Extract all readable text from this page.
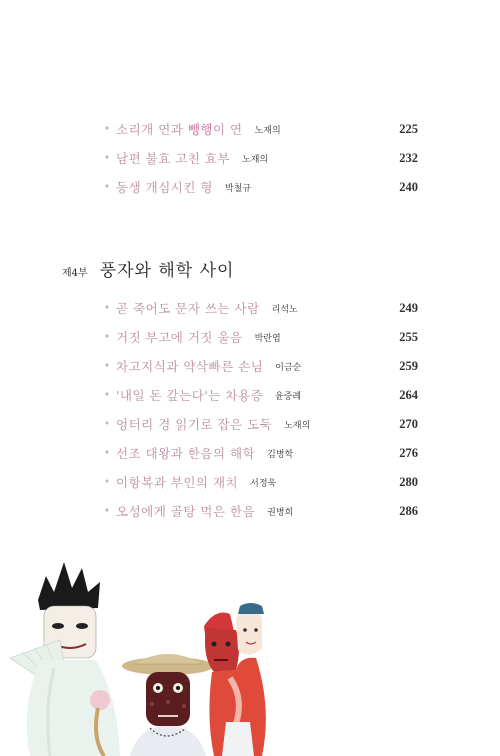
• 소리개 연과 뺑행이 연 노재의	225
• 남편 불효 고친 효부 노재의	232
• 동생 개심시킨 형 박철규	240
제4부 풍자와 해학 사이
• 곧 죽어도 문자 쓰는 사람 리석노	249
• 거짓 부고에 거짓 울음 박란엽	255
• 차고지식과 약삭빠른 손님 이금순	259
• '내일 돈 갚는다'는 차용증 윤중례	264
• 엉터리 경 읽기로 잡은 도둑 노재의	270
• 선조 대왕과 한음의 해학 김병학	276
• 이항복과 부인의 재치 서정욱	280
• 오성에게 골탕 먹은 한음 권병희	286
